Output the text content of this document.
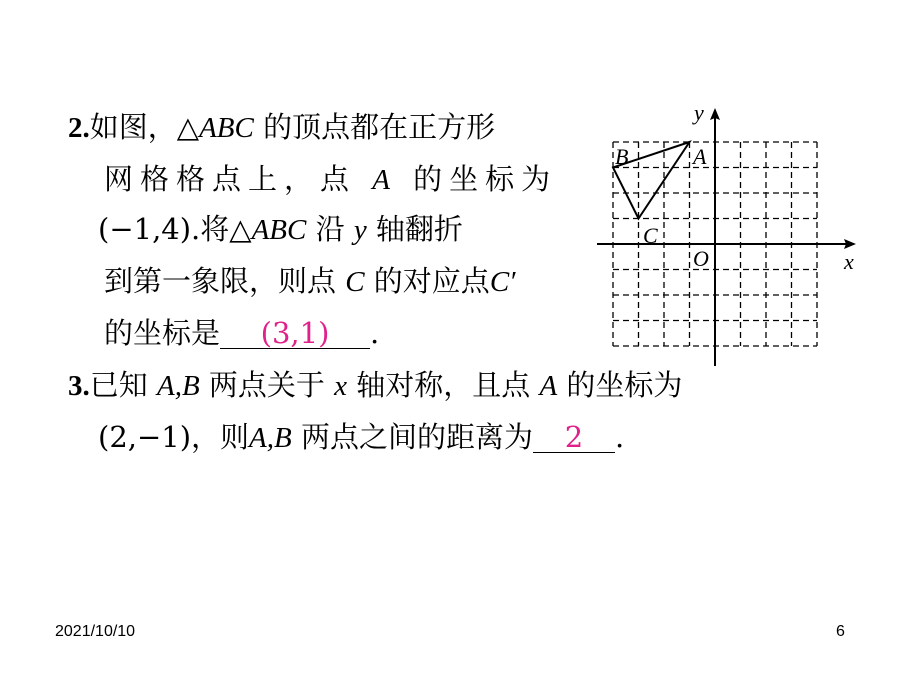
2.如图，△ABC 的顶点都在正方形
网格格点上，点 A 的坐标为
(−1,4).将△ABC 沿 y 轴翻折
到第一象限，则点 C 的对应点C′
的坐标是 (3,1) .
3.已知 A,B 两点关于 x 轴对称，且点 A 的坐标为
(2,−1)，则A,B 两点之间的距离为 2 .
x
y
O
A
B
C
2021/10/10	6
